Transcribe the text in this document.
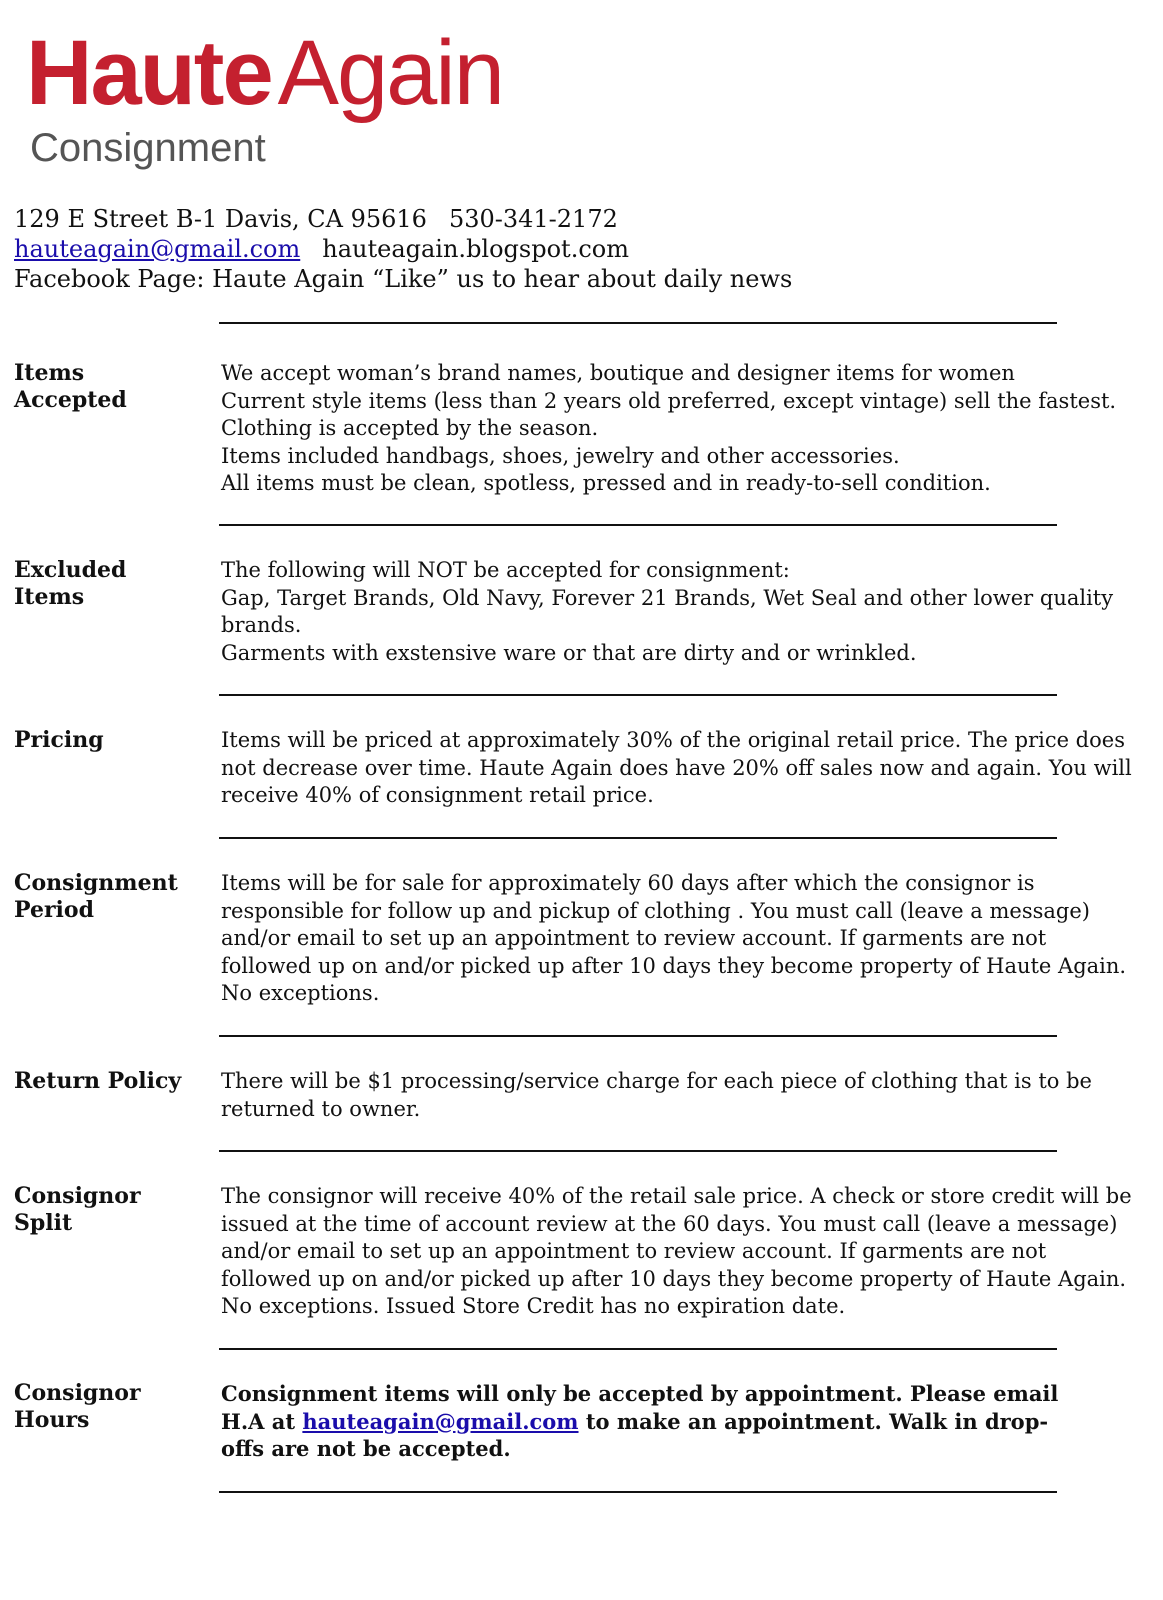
HauteAgain
Consignment
129 E Street B-1 Davis, CA 95616 530-341-2172
hauteagain@gmail.com hauteagain.blogspot.com
Facebook Page: Haute Again “Like” us to hear about daily news
Items
Accepted
We accept woman’s brand names, boutique and designer items for women
Current style items (less than 2 years old preferred, except vintage) sell the fastest.
Clothing is accepted by the season.
Items included handbags, shoes, jewelry and other accessories.
All items must be clean, spotless, pressed and in ready-to-sell condition.
Excluded
Items
The following will NOT be accepted for consignment:
Gap, Target Brands, Old Navy, Forever 21 Brands, Wet Seal and other lower quality
brands.
Garments with exstensive ware or that are dirty and or wrinkled.
Pricing	Items will be priced at approximately 30% of the original retail price. The price does
not decrease over time. Haute Again does have 20% off sales now and again. You will
receive 40% of consignment retail price.
Consignment
Period
Items will be for sale for approximately 60 days after which the consignor is
responsible for follow up and pickup of clothing . You must call (leave a message)
and/or email to set up an appointment to review account. If garments are not
followed up on and/or picked up after 10 days they become property of Haute Again.
No exceptions.
Return Policy	There will be $1 processing/service charge for each piece of clothing that is to be
returned to owner.
Consignor
Split
The consignor will receive 40% of the retail sale price. A check or store credit will be
issued at the time of account review at the 60 days. You must call (leave a message)
and/or email to set up an appointment to review account. If garments are not
followed up on and/or picked up after 10 days they become property of Haute Again.
No exceptions. Issued Store Credit has no expiration date.
Consignor
Hours
Consignment items will only be accepted by appointment. Please email
H.A at hauteagain@gmail.com to make an appointment. Walk in drop-
offs are not be accepted.
